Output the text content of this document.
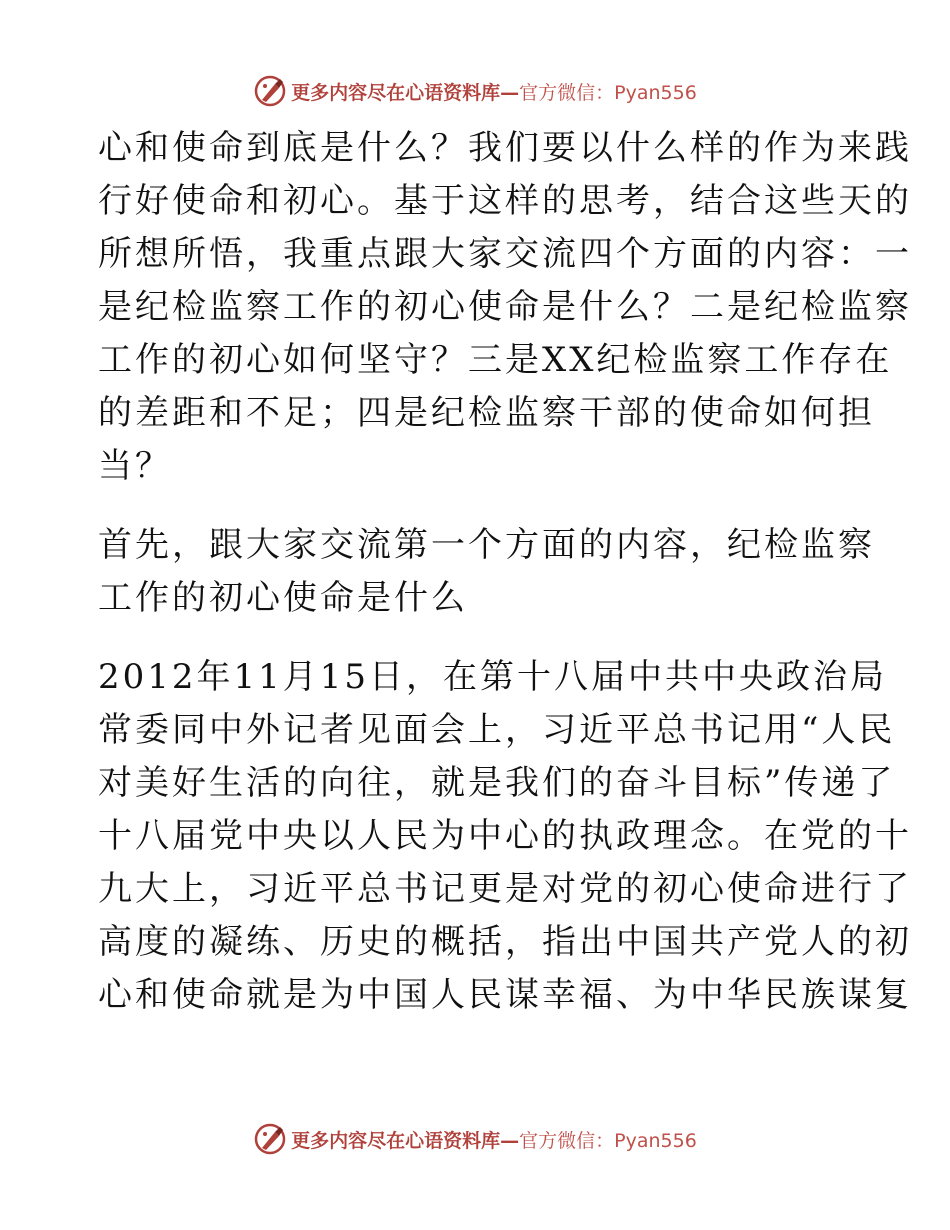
更多内容尽在心语资料库—官方微信：Pyan556

心和使命到底是什么？我们要以什么样的作为来践
行好使命和初心。基于这样的思考，结合这些天的
所想所悟，我重点跟大家交流四个方面的内容：一
是纪检监察工作的初心使命是什么？二是纪检监察
工作的初心如何坚守？三是XX纪检监察工作存在
的差距和不足；四是纪检监察干部的使命如何担
当？

首先，跟大家交流第一个方面的内容，纪检监察
工作的初心使命是什么

2012年11月15日，在第十八届中共中央政治局
常委同中外记者见面会上，习近平总书记用“人民
对美好生活的向往，就是我们的奋斗目标”传递了
十八届党中央以人民为中心的执政理念。在党的十
九大上，习近平总书记更是对党的初心使命进行了
高度的凝练、历史的概括，指出中国共产党人的初
心和使命就是为中国人民谋幸福、为中华民族谋复

更多内容尽在心语资料库—官方微信：Pyan556
